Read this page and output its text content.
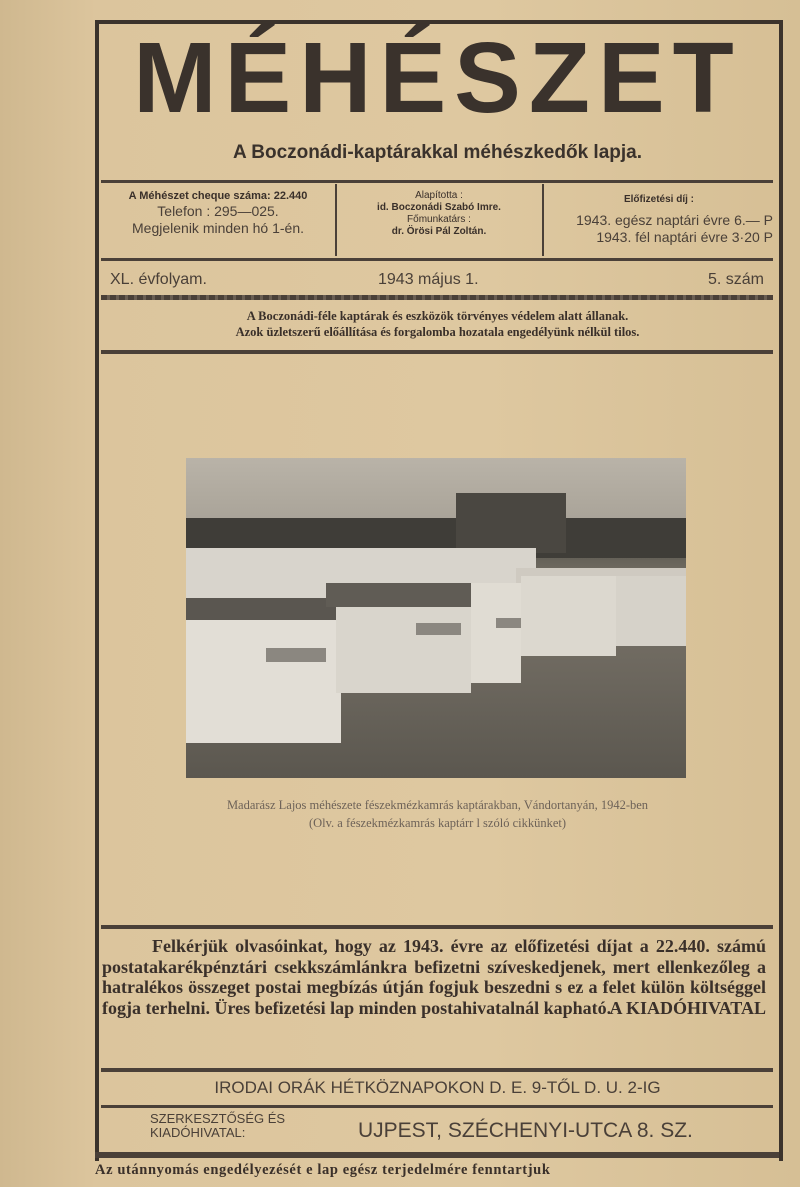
MÉHÉSZET
A Boczonádi-kaptárakkal méhészkedők lapja.
A Méhészet cheque száma: 22.440
Telefon : 295—025.
Megjelenik minden hó 1-én.
Alapította :
id. Boczonádi Szabó Imre.
Főmunkatárs :
dr. Örösi Pál Zoltán.
Előfizetési díj :
1943. egész naptári évre 6.— P
1943. fél naptári évre 3·20 P
XL. évfolyam.	1943 május 1.	5. szám
A Boczonádi-féle kaptárak és eszközök törvényes védelem alatt állanak.
Azok üzletszerű előállítása és forgalomba hozatala engedélyünk nélkül tilos.
Madarász Lajos méhészete fészekmézkamrás kaptárakban, Vándortanyán, 1942-ben
(Olv. a fészekmézkamrás kaptárr l szóló cikkünket)

Felkérjük olvasóinkat, hogy az 1943. évre az előfizetési díjat a 22.440. számú postatakarékpénztári csekkszámlánkra befizetni szíveskedjenek, mert ellenkezőleg a hatralékos összeget postai megbízás útján fogjuk beszedni s ez a felet külön költséggel fogja terhelni. Üres befizetési lap minden postahivatalnál kapható.

A KIADÓHIVATAL
IRODAI ORÁK HÉTKÖZNAPOKON D. E. 9-TŐL D. U. 2-IG
SZERKESZTŐSÉG ÉS
KIADÓHIVATAL:	UJPEST, SZÉCHENYI-UTCA 8. SZ.
Az utánnyomás engedélyezését e lap egész terjedelmére fenntartjuk
